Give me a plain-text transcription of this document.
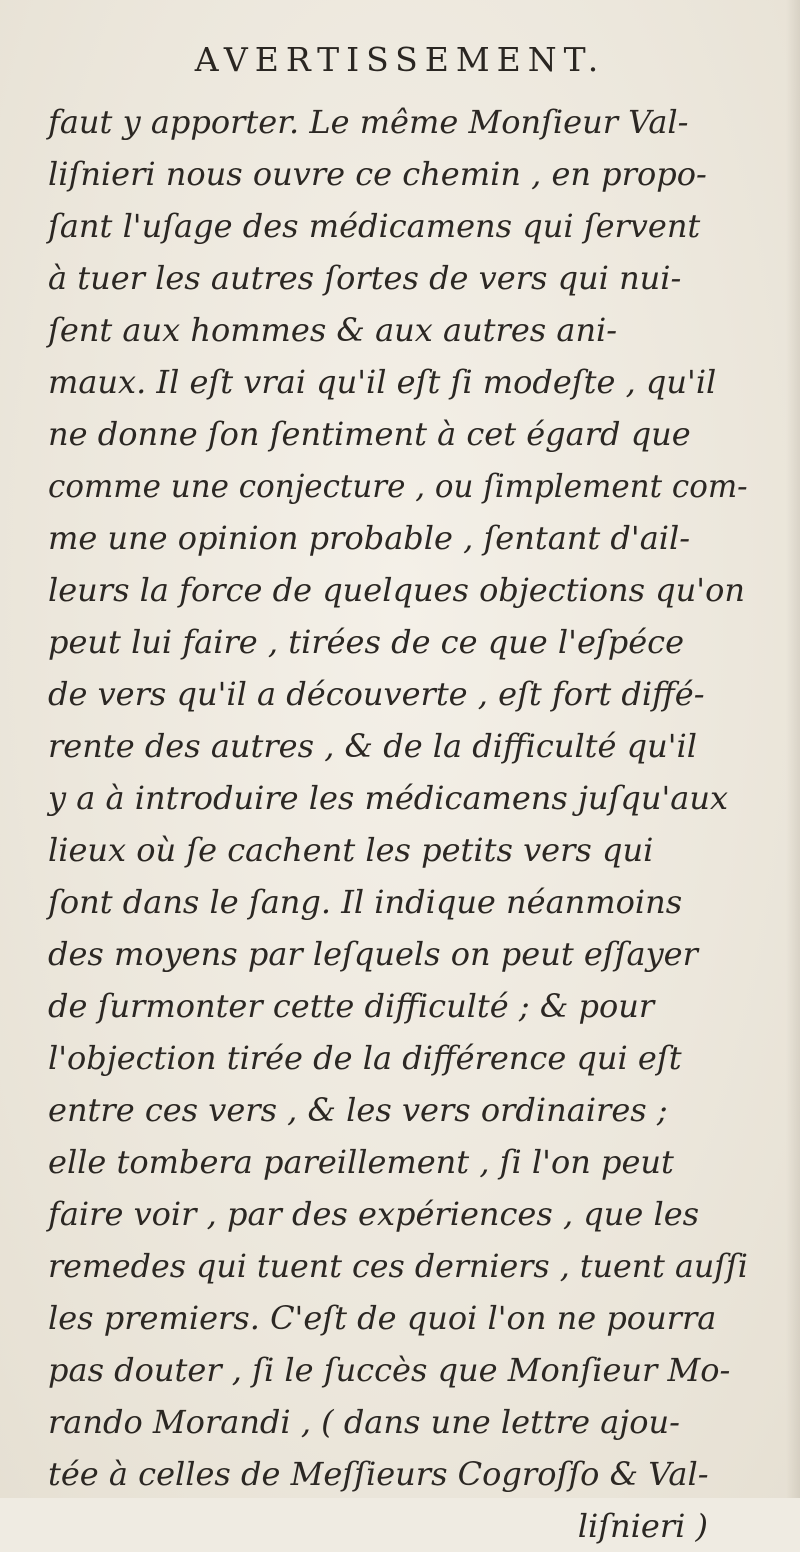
AVERTISSEMENT.
faut y apporter. Le même Monſieur Val-
liſnieri nous ouvre ce chemin , en propo-
ſant l'uſage des médicamens qui ſervent
à tuer les autres ſortes de vers qui nui-
ſent aux hommes & aux autres ani-
maux. Il eſt vrai qu'il eſt ſi modeſte , qu'il
ne donne ſon ſentiment à cet égard que
comme une conjecture , ou ſimplement com-
me une opinion probable , ſentant d'ail-
leurs la force de quelques objections qu'on
peut lui faire , tirées de ce que l'eſpéce
de vers qu'il a découverte , eſt fort diffé-
rente des autres , & de la difficulté qu'il
y a à introduire les médicamens juſqu'aux
lieux où ſe cachent les petits vers qui
ſont dans le ſang. Il indique néanmoins
des moyens par leſquels on peut eſſayer
de ſurmonter cette difficulté ; & pour
l'objection tirée de la différence qui eſt
entre ces vers , & les vers ordinaires ;
elle tombera pareillement , ſi l'on peut
faire voir , par des expériences , que les
remedes qui tuent ces derniers , tuent auſſi
les premiers. C'eſt de quoi l'on ne pourra
pas douter , ſi le ſuccès que Monſieur Mo-
rando Morandi , ( dans une lettre ajou-
tée à celles de Meſſieurs Cogroſſo & Val-
liſnieri )
